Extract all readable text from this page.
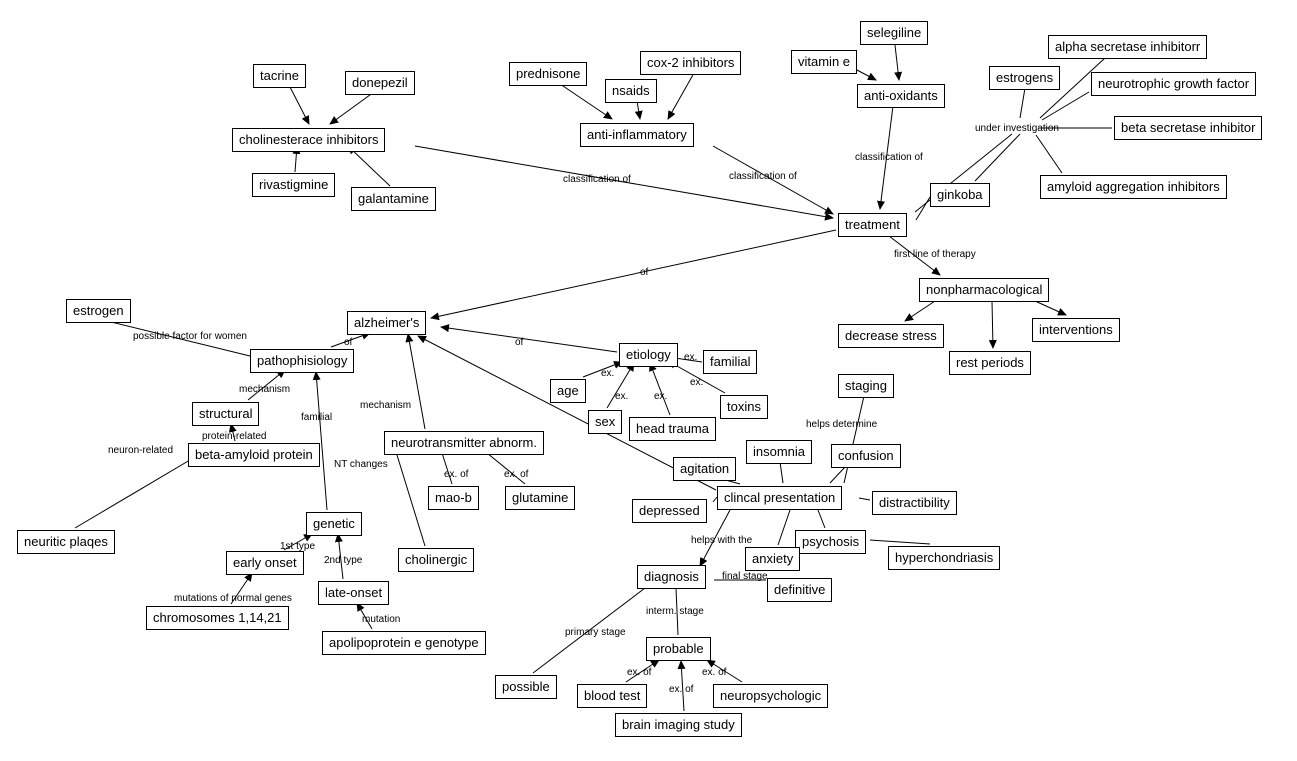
tacrine	donepezil
cholinesterace inhibitors
rivastigmine
galantamine
prednisone
cox-2 inhibitors
nsaids
anti-inflammatory
selegiline
vitamin e
anti-oxidants
estrogens
alpha secretase inhibitorr
neurotrophic growth factor
beta secretase inhibitor
amyloid aggregation inhibitors
ginkoba
treatment
nonpharmacological
decrease stress
rest periods
interventions
estrogen
alzheimer's
pathophisiology
structural
beta-amyloid protein
neuritic plaqes
neurotransmitter abnorm.
mao-b	glutamine
genetic
early onset
late-onset
chromosomes 1,14,21
apolipoprotein e genotype
cholinergic
etiology	familial
age
sex	head trauma
toxins
staging
insomnia	confusion
agitation
clincal presentation	distractibility
depressed
psychosis
anxiety	hyperchondriasis
diagnosis
definitive
probable
possible
blood test	neuropsychologic
brain imaging study
under investigation
classification of	classification of
classification of
first line of therapy
of
possible factor for women
of	of
ex.
ex.
ex.	ex.
ex.
mechanism
familial
mechanism
protein-related
neuron-related
NT changes
ex. of	ex. of
helps determine
helps with the
1st type
2nd type
mutations of normal genes
mutation
final stage
interm. stage
primary stage
ex. of
ex. of
ex. of
